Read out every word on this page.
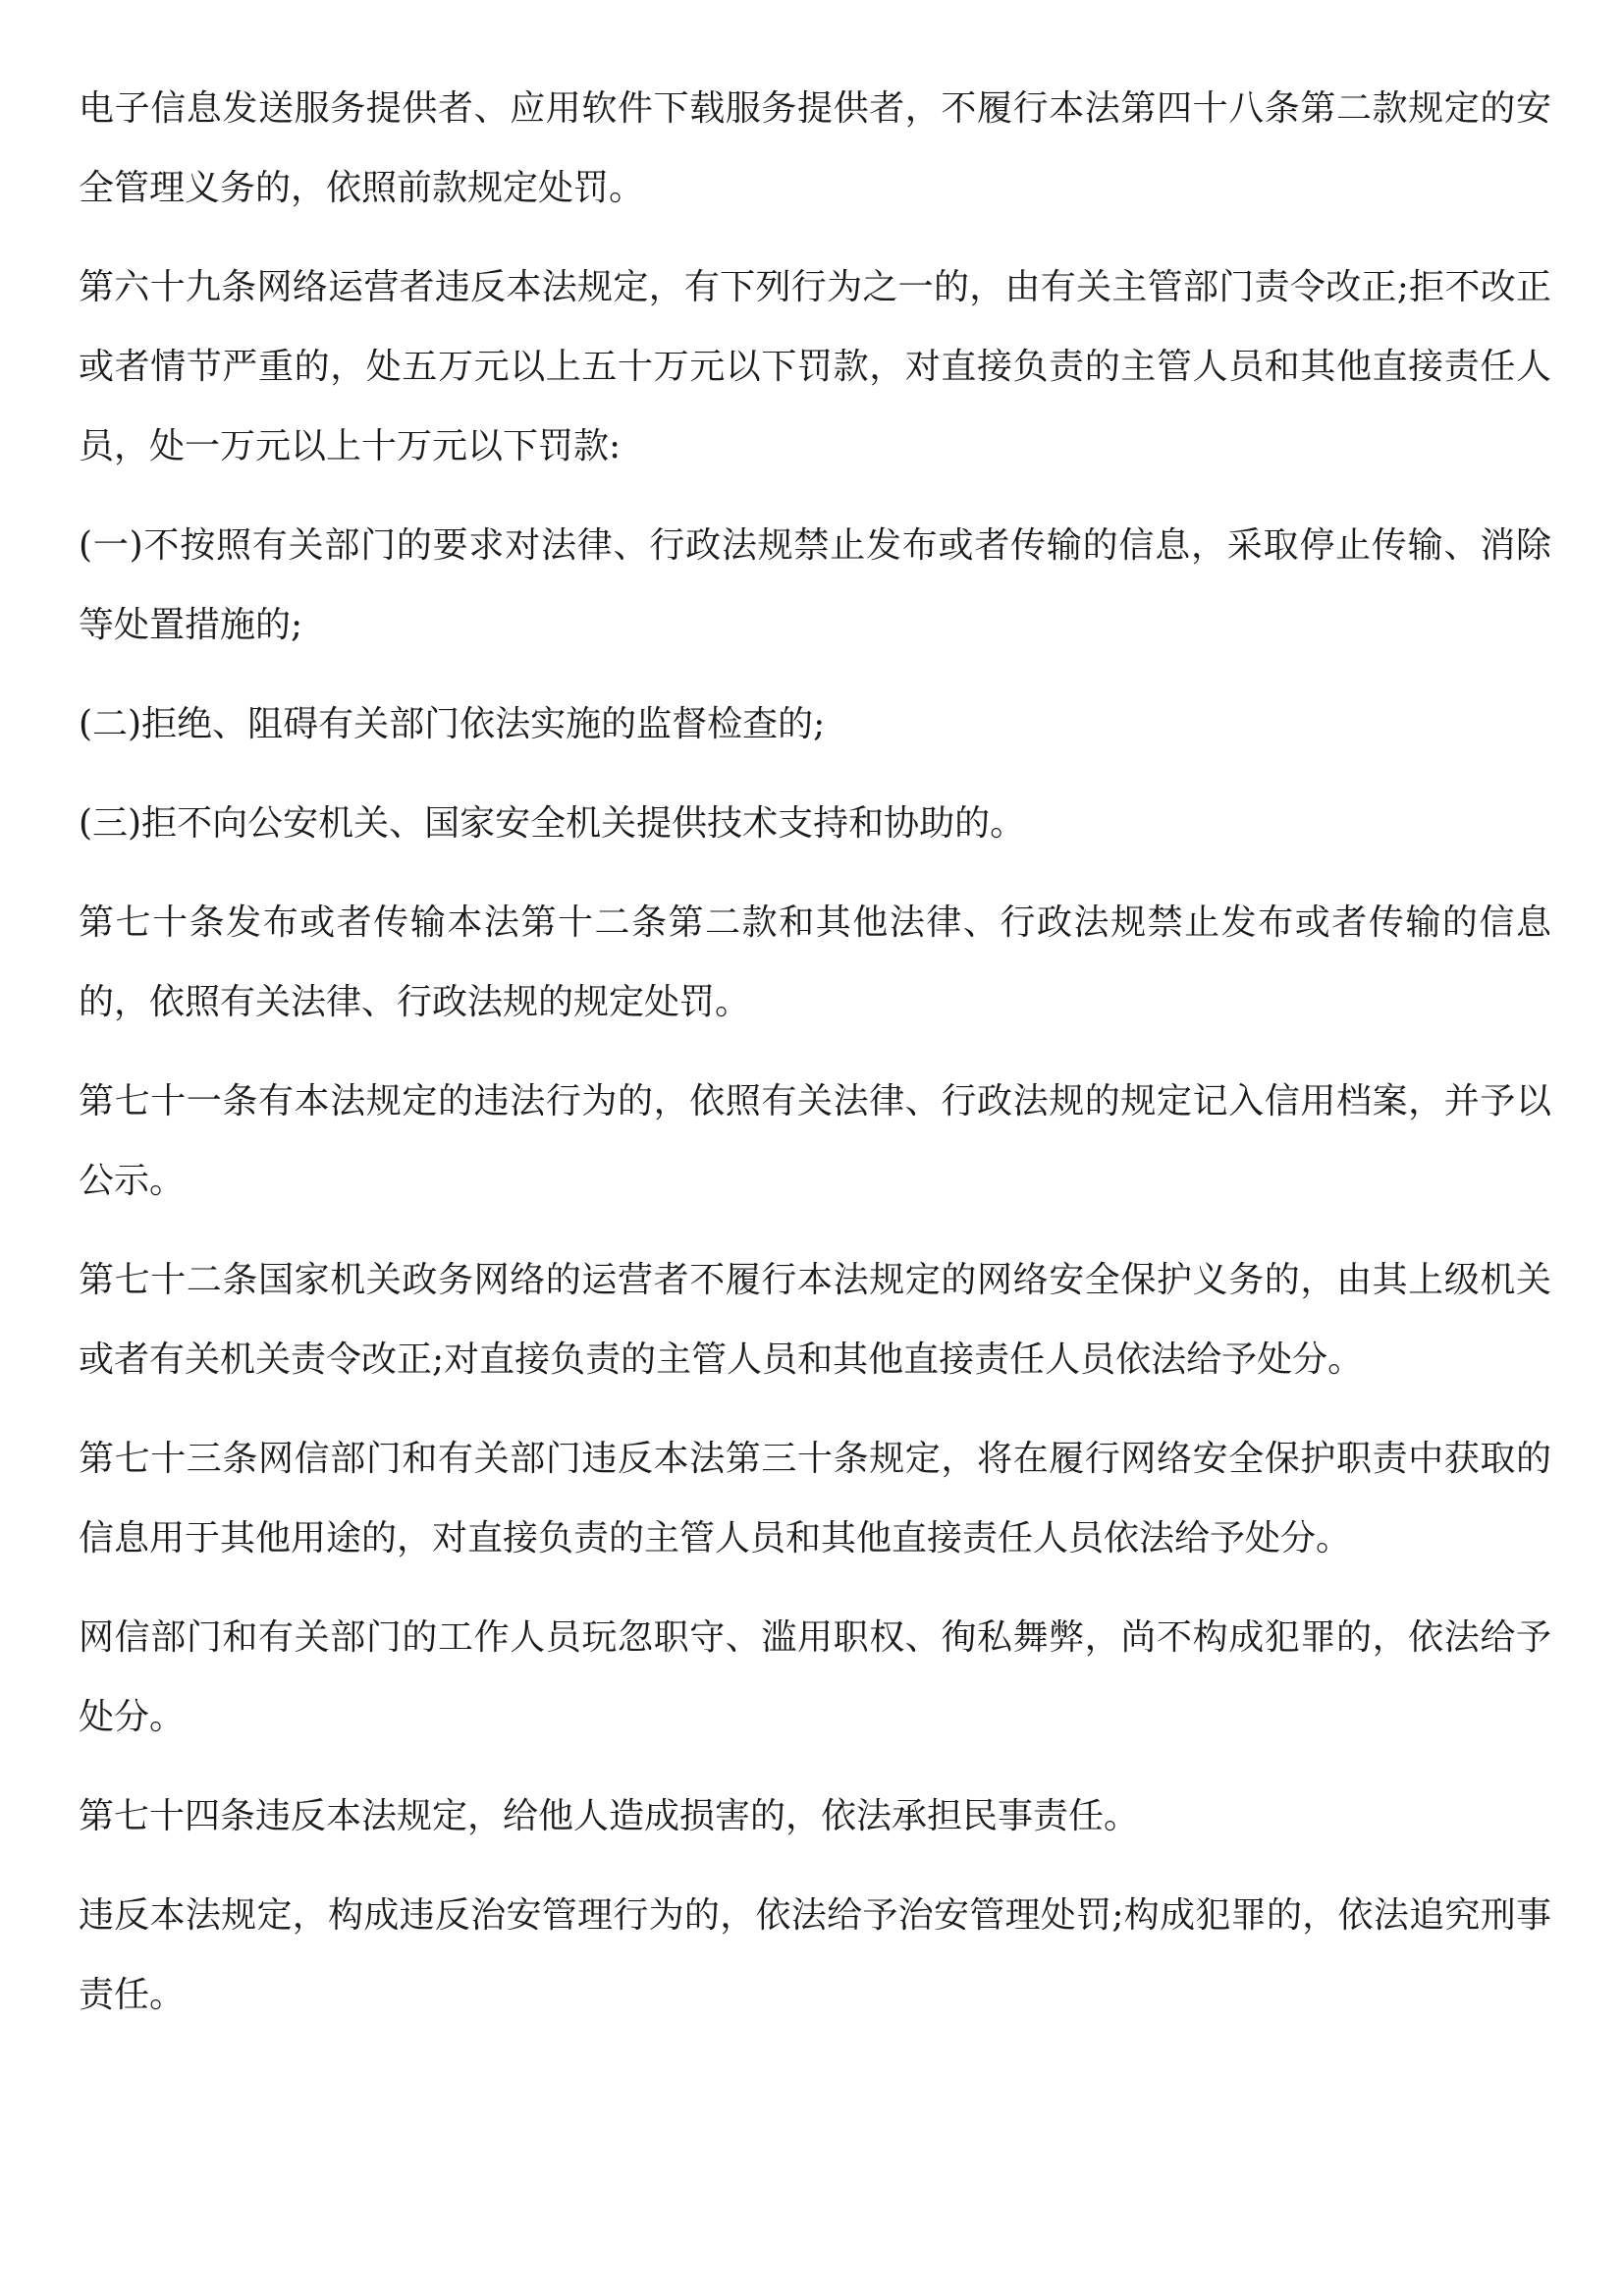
电子信息发送服务提供者、应用软件下载服务提供者，不履行本法第四十八条第二款规定的安全管理义务的，依照前款规定处罚。

第六十九条网络运营者违反本法规定，有下列行为之一的，由有关主管部门责令改正;拒不改正或者情节严重的，处五万元以上五十万元以下罚款，对直接负责的主管人员和其他直接责任人员，处一万元以上十万元以下罚款:

(一)不按照有关部门的要求对法律、行政法规禁止发布或者传输的信息，采取停止传输、消除等处置措施的;

(二)拒绝、阻碍有关部门依法实施的监督检查的;

(三)拒不向公安机关、国家安全机关提供技术支持和协助的。

第七十条发布或者传输本法第十二条第二款和其他法律、行政法规禁止发布或者传输的信息的，依照有关法律、行政法规的规定处罚。

第七十一条有本法规定的违法行为的，依照有关法律、行政法规的规定记入信用档案，并予以公示。

第七十二条国家机关政务网络的运营者不履行本法规定的网络安全保护义务的，由其上级机关或者有关机关责令改正;对直接负责的主管人员和其他直接责任人员依法给予处分。

第七十三条网信部门和有关部门违反本法第三十条规定，将在履行网络安全保护职责中获取的信息用于其他用途的，对直接负责的主管人员和其他直接责任人员依法给予处分。

网信部门和有关部门的工作人员玩忽职守、滥用职权、徇私舞弊，尚不构成犯罪的，依法给予处分。

第七十四条违反本法规定，给他人造成损害的，依法承担民事责任。

违反本法规定，构成违反治安管理行为的，依法给予治安管理处罚;构成犯罪的，依法追究刑事责任。
